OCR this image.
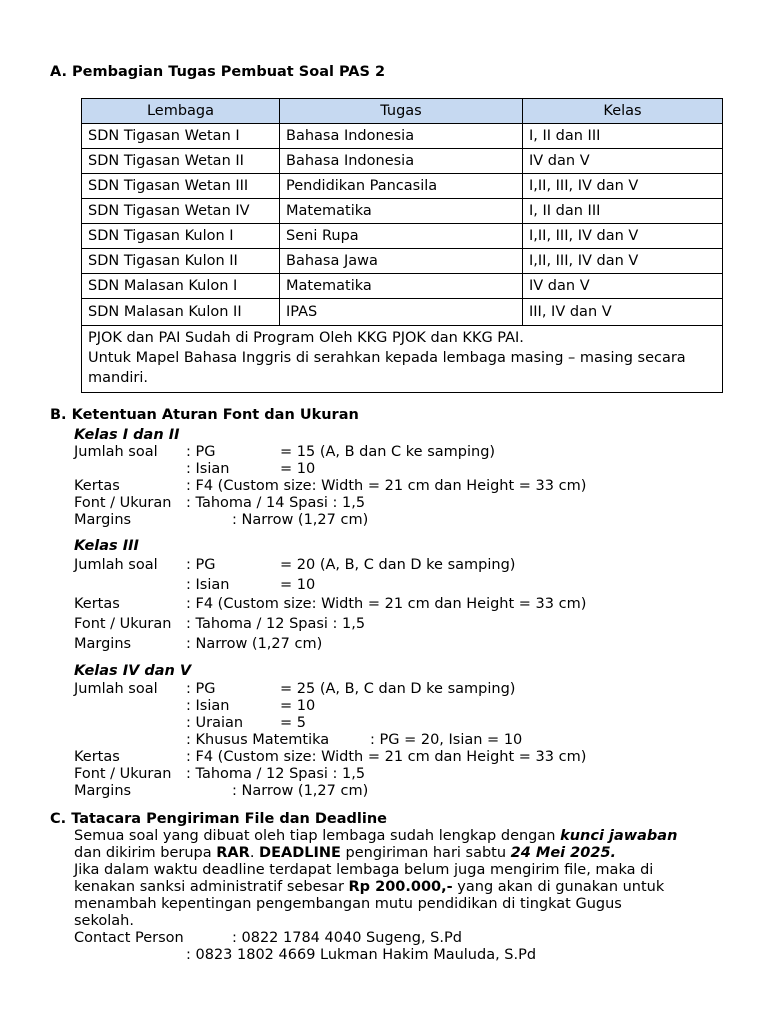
A. Pembagian Tugas Pembuat Soal PAS 2
Lembaga	Tugas	Kelas
SDN Tigasan Wetan I	Bahasa Indonesia	I, II dan III
SDN Tigasan Wetan II	Bahasa Indonesia	IV dan V
SDN Tigasan Wetan III	Pendidikan Pancasila	I,II, III, IV dan V
SDN Tigasan Wetan IV	Matematika	I, II dan III
SDN Tigasan Kulon I	Seni Rupa	I,II, III, IV dan V
SDN Tigasan Kulon II	Bahasa Jawa	I,II, III, IV dan V
SDN Malasan Kulon I	Matematika	IV dan V
SDN Malasan Kulon II	IPAS	III, IV dan V

PJOK dan PAI Sudah di Program Oleh KKG PJOK dan KKG PAI.
Untuk Mapel Bahasa Inggris di serahkan kepada lembaga masing – masing secara mandiri.		
B. Ketentuan Aturan Font dan Ukuran
Kelas I dan II
Jumlah soal : PG	= 15 (A, B dan C ke samping)
: Isian	= 10
Kertas	: F4 (Custom size: Width = 21 cm dan Height = 33 cm)
Font / Ukuran : Tahoma / 14 Spasi : 1,5
Margins	: Narrow (1,27 cm)
Kelas III
Jumlah soal : PG	= 20 (A, B, C dan D ke samping)
: Isian	= 10
Kertas	: F4 (Custom size: Width = 21 cm dan Height = 33 cm)
Font / Ukuran : Tahoma / 12 Spasi : 1,5
Margins	: Narrow (1,27 cm)
Kelas IV dan V
Jumlah soal : PG	= 25 (A, B, C dan D ke samping)
: Isian	= 10
: Uraian	= 5
: Khusus Matemtika	: PG = 20, Isian = 10
Kertas	: F4 (Custom size: Width = 21 cm dan Height = 33 cm)
Font / Ukuran : Tahoma / 12 Spasi : 1,5
Margins	: Narrow (1,27 cm)
C. Tatacara Pengiriman File dan Deadline
Semua soal yang dibuat oleh tiap lembaga sudah lengkap dengan kunci jawaban
dan dikirim berupa RAR. DEADLINE pengiriman hari sabtu 24 Mei 2025.
Jika dalam waktu deadline terdapat lembaga belum juga mengirim file, maka di
kenakan sanksi administratif sebesar Rp 200.000,- yang akan di gunakan untuk
menambah kepentingan pengembangan mutu pendidikan di tingkat Gugus
sekolah.
Contact Person	: 0822 1784 4040 Sugeng, S.Pd
: 0823 1802 4669 Lukman Hakim Mauluda, S.Pd
